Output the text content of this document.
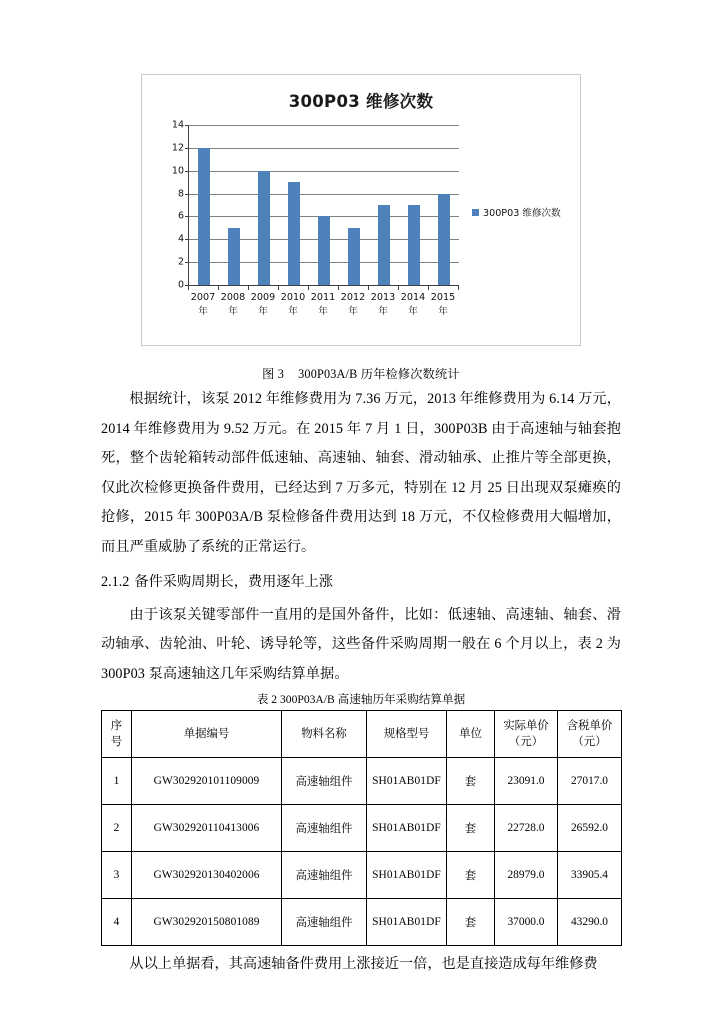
300P03 维修次数
0
2
4
6
8
10
12
14
2007
年
2008
年
2009
年
2010
年
2011
年
2012
年
2013
年
2014
年
2015
年
300P03 维修次数
图 3 300P03A/B 历年检修次数统计

根据统计，该泵 2012 年维修费用为 7.36 万元，2013 年维修费用为 6.14 万元，2014 年维修费用为 9.52 万元。在 2015 年 7 月 1 日，300P03B 由于高速轴与轴套抱死，整个齿轮箱转动部件低速轴、高速轴、轴套、滑动轴承、止推片等全部更换，仅此次检修更换备件费用，已经达到 7 万多元，特别在 12 月 25 日出现双泵瘫痪的抢修，2015 年 300P03A/B 泵检修备件费用达到 18 万元，不仅检修费用大幅增加，而且严重威胁了系统的正常运行。

2.1.2 备件采购周期长，费用逐年上涨

由于该泵关键零部件一直用的是国外备件，比如：低速轴、高速轴、轴套、滑动轴承、齿轮油、叶轮、诱导轮等，这些备件采购周期一般在 6 个月以上，表 2 为 300P03 泵高速轴这几年采购结算单据。

表 2 300P03A/B 高速轴历年采购结算单据
序
号	单据编号	物料名称	规格型号	单位	实际单价
（元）	含税单价
（元）

1	GW302920101109009	高速轴组件	SH01AB01DF	套	23091.0	27017.0
2	GW302920110413006	高速轴组件	SH01AB01DF	套	22728.0	26592.0
3	GW302920130402006	高速轴组件	SH01AB01DF	套	28979.0	33905.4
4	GW302920150801089	高速轴组件	SH01AB01DF	套	37000.0	43290.0

从以上单据看，其高速轴备件费用上涨接近一倍，也是直接造成每年维修费
